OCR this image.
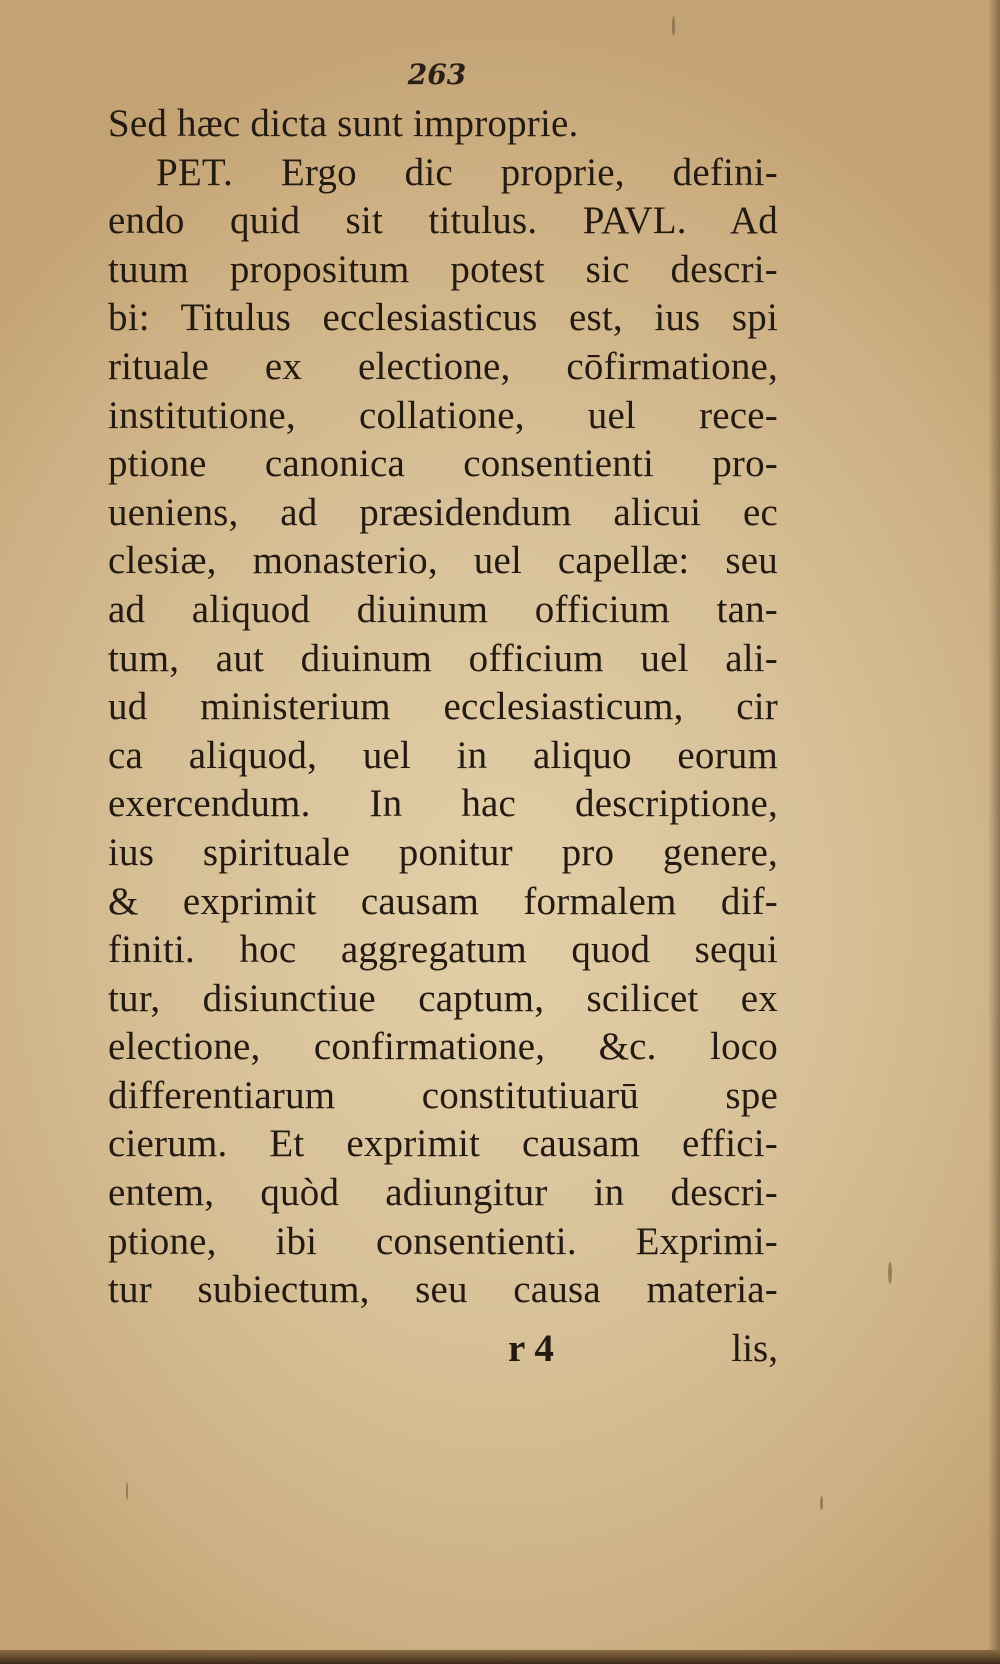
263
Sed hæc dicta sunt improprie.
PET. Ergo dic proprie, defini-
endo quid sit titulus. PAVL. Ad
tuum propositum potest sic descri-
bi: Titulus ecclesiasticus est, ius spi
rituale ex electione, cōfirmatione,
institutione, collatione, uel rece-
ptione canonica consentienti pro-
ueniens, ad præsidendum alicui ec
clesiæ, monasterio, uel capellæ: seu
ad aliquod diuinum officium tan-
tum, aut diuinum officium uel ali-
ud ministerium ecclesiasticum, cir
ca aliquod, uel in aliquo eorum
exercendum. In hac descriptione,
ius spirituale ponitur pro genere,
& exprimit causam formalem dif-
finiti. hoc aggregatum quod sequi
tur, disiunctiue captum, scilicet ex
electione, confirmatione, &c. loco
differentiarum constitutiuarū spe
cierum. Et exprimit causam effici-
entem, quòd adiungitur in descri-
ptione, ibi consentienti. Exprimi-
tur subiectum, seu causa materia-
r 4	lis,
